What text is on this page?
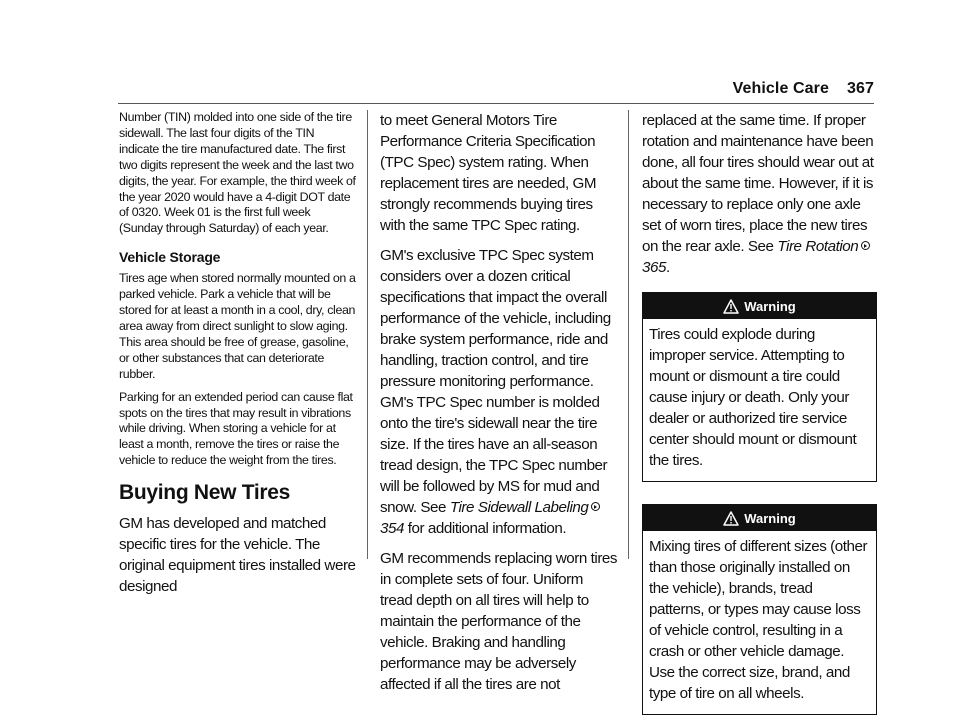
Vehicle Care 367

Number (TIN) molded into one side of the tire sidewall. The last four digits of the TIN indicate the tire manufactured date. The first two digits represent the week and the last two digits, the year. For example, the third week of the year 2020 would have a 4-digit DOT date of 0320. Week 01 is the first full week (Sunday through Saturday) of each year.

Vehicle Storage

Tires age when stored normally mounted on a parked vehicle. Park a vehicle that will be stored for at least a month in a cool, dry, clean area away from direct sunlight to slow aging. This area should be free of grease, gasoline, or other substances that can deteriorate rubber.

Parking for an extended period can cause flat spots on the tires that may result in vibrations while driving. When storing a vehicle for at least a month, remove the tires or raise the vehicle to reduce the weight from the tires.

Buying New Tires

GM has developed and matched specific tires for the vehicle. The original equipment tires installed were designed

to meet General Motors Tire Performance Criteria Specification (TPC Spec) system rating. When replacement tires are needed, GM strongly recommends buying tires with the same TPC Spec rating.

GM's exclusive TPC Spec system considers over a dozen critical specifications that impact the overall performance of the vehicle, including brake system performance, ride and handling, traction control, and tire pressure monitoring performance. GM's TPC Spec number is molded onto the tire's sidewall near the tire size. If the tires have an all-season tread design, the TPC Spec number will be followed by MS for mud and snow. See Tire Sidewall Labeling354 for additional information.

GM recommends replacing worn tires in complete sets of four. Uniform tread depth on all tires will help to maintain the performance of the vehicle. Braking and handling performance may be adversely affected if all the tires are not

replaced at the same time. If proper rotation and maintenance have been done, all four tires should wear out at about the same time. However, if it is necessary to replace only one axle set of worn tires, place the new tires on the rear axle. See Tire Rotation365.

Warning
Tires could explode during improper service. Attempting to mount or dismount a tire could cause injury or death. Only your dealer or authorized tire service center should mount or dismount the tires.
Warning
Mixing tires of different sizes (other than those originally installed on the vehicle), brands, tread patterns, or types may cause loss of vehicle control, resulting in a crash or other vehicle damage. Use the correct size, brand, and type of tire on all wheels.
